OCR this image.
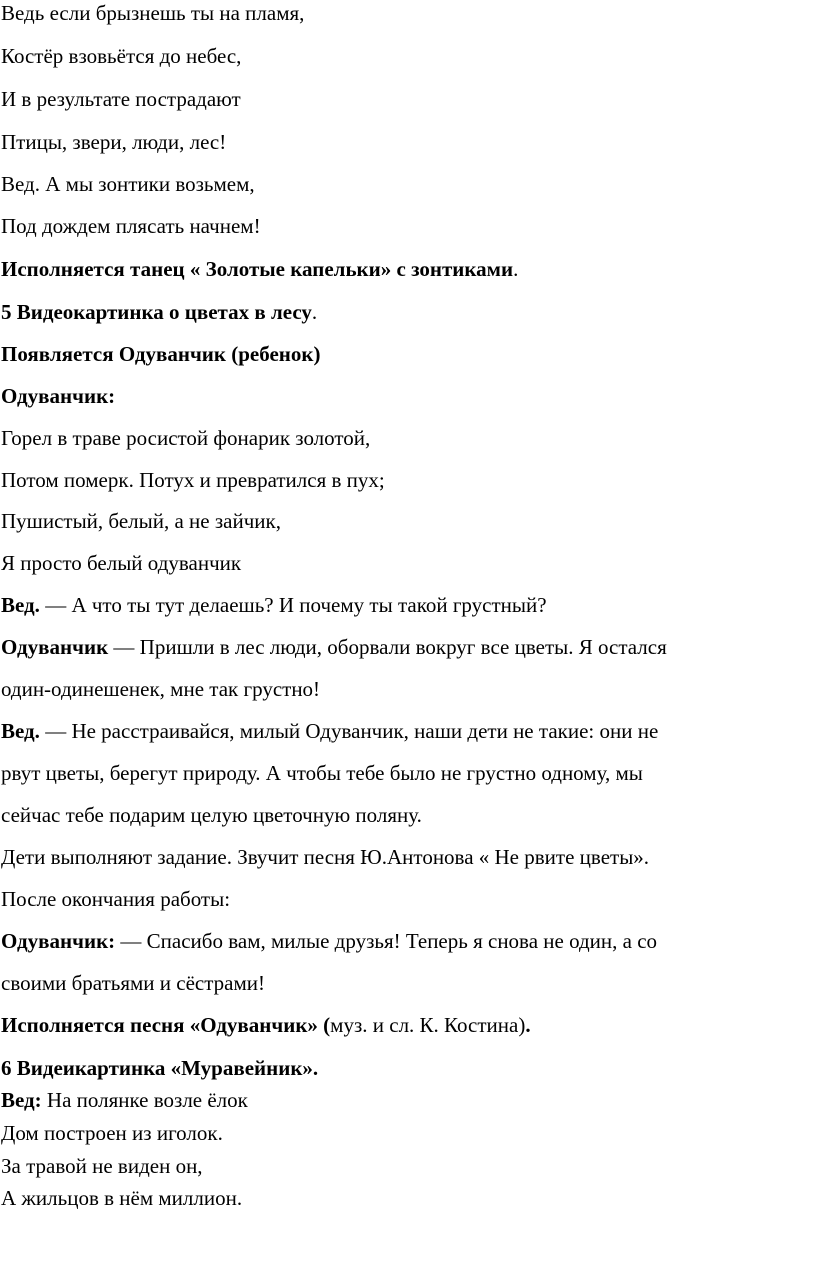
Ведь если брызнешь ты на пламя,
Костёр взовьётся до небес,
И в результате пострадают
Птицы, звери, люди, лес!
Вед. А мы зонтики возьмем,
Под дождем плясать начнем!
Исполняется танец « Золотые капельки» с зонтиками.
5 Видеокартинка о цветах в лесу.
Появляется Одуванчик (ребенок)
Одуванчик:
Горел в траве росистой фонарик золотой,
Потом померк. Потух и превратился в пух;
Пушистый, белый, а не зайчик,
Я просто белый одуванчик
Вед. — А что ты тут делаешь? И почему ты такой грустный?
Одуванчик — Пришли в лес люди, оборвали вокруг все цветы. Я остался
один-одинешенек, мне так грустно!
Вед. — Не расстраивайся, милый Одуванчик, наши дети не такие: они не
рвут цветы, берегут природу. А чтобы тебе было не грустно одному, мы
сейчас тебе подарим целую цветочную поляну.
Дети выполняют задание. Звучит песня Ю.Антонова « Не рвите цветы».
После окончания работы:
Одуванчик: — Спасибо вам, милые друзья! Теперь я снова не один, а со
своими братьями и сёстрами!
Исполняется песня «Одуванчик» (муз. и сл. К. Костина).
6 Видеикартинка «Муравейник».
Вед: На полянке возле ёлок
Дом построен из иголок.
За травой не виден он,
А жильцов в нём миллион.
